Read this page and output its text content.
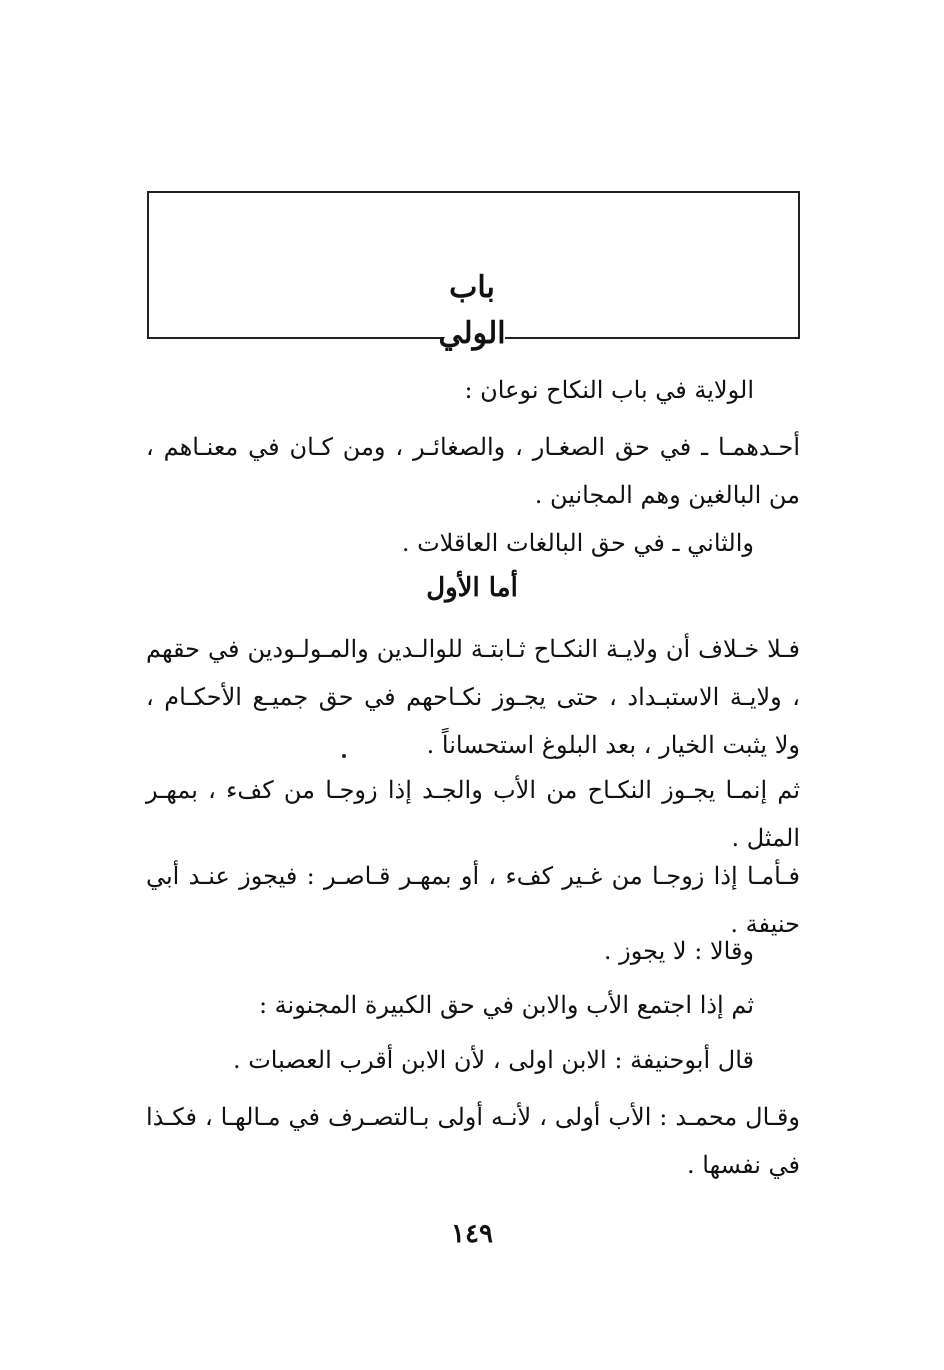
باب
الولي
الولاية في باب النكاح نوعان :
أحـدهمـا ـ في حق الصغـار ، والصغائـر ، ومن كـان في معنـاهم ، من البالغين وهم المجانين .
والثاني ـ في حق البالغات العاقلات .
أما الأول
فـلا خـلاف أن ولايـة النكـاح ثـابتـة للوالـدين والمـولـودين في حقهم ، ولايـة الاستبـداد ، حتى يجـوز نكـاحهم في حق جميـع الأحكـام ، ولا يثبت الخيار ، بعد البلوغ استحساناً .
ثم إنمـا يجـوز النكـاح من الأب والجـد إذا زوجـا من كفء ، بمهـر المثل .
فـأمـا إذا زوجـا من غـير كفء ، أو بمهـر قـاصـر : فيجوز عنـد أبي حنيفة .
وقالا : لا يجوز .
ثم إذا اجتمع الأب والابن في حق الكبيرة المجنونة :
قال أبوحنيفة : الابن اولى ، لأن الابن أقرب العصبات .
وقـال محمـد : الأب أولى ، لأنـه أولى بـالتصـرف في مـالهـا ، فكـذا في نفسها .
١٤٩
